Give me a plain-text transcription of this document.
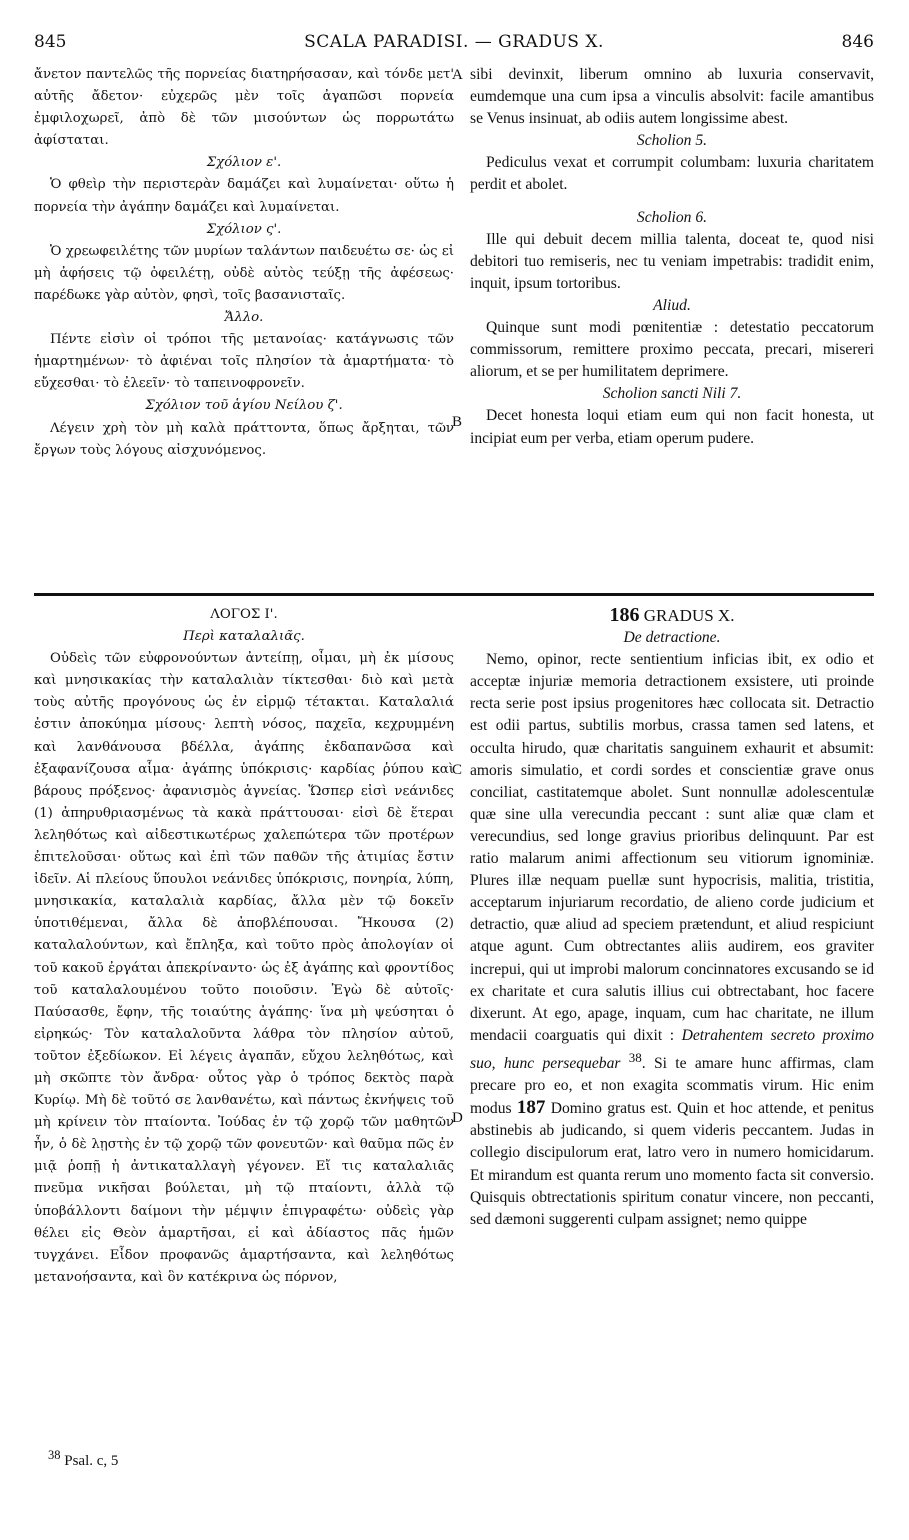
845	SCALA PARADISI. — GRADUS X.	846

ἄνετον παντελῶς τῆς πορνείας διατηρήσασαν, καὶ τόνδε μετ' αὐτῆς ἄδετον· εὐχερῶς μὲν τοῖς ἀγαπῶσι πορνεία ἐμφιλοχωρεῖ, ἀπὸ δὲ τῶν μισούντων ὡς πορρωτάτω ἀφίσταται.

Σχόλιον ε'.

Ὁ φθεὶρ τὴν περιστερὰν δαμάζει καὶ λυμαίνεται· οὕτω ἡ πορνεία τὴν ἀγάπην δαμάζει καὶ λυμαίνεται.

Σχόλιον ς'.

Ὁ χρεωφειλέτης τῶν μυρίων ταλάντων παιδευέτω σε· ὡς εἰ μὴ ἀφήσεις τῷ ὀφειλέτῃ, οὐδὲ αὐτὸς τεύξῃ τῆς ἀφέσεως· παρέδωκε γὰρ αὐτὸν, φησὶ, τοῖς βασανισταῖς.

Ἄλλο.

Πέντε εἰσὶν οἱ τρόποι τῆς μετανοίας· κατάγνωσις τῶν ἡμαρτημένων· τὸ ἀφιέναι τοῖς πλησίον τὰ ἁμαρτήματα· τὸ εὔχεσθαι· τὸ ἐλεεῖν· τὸ ταπεινοφρονεῖν.

Σχόλιον τοῦ ἁγίου Νείλου ζ'.

Λέγειν χρὴ τὸν μὴ καλὰ πράττοντα, ὅπως ἄρξηται, τῶν ἔργων τοὺς λόγους αἰσχυνόμενος.

sibi devinxit, liberum omnino ab luxuria conservavit, eumdemque una cum ipsa a vinculis absolvit: facile amantibus se Venus insinuat, ab odiis autem longissime abest.

Scholion 5.

Pediculus vexat et corrumpit columbam: luxuria charitatem perdit et abolet.

Scholion 6.

Ille qui debuit decem millia talenta, doceat te, quod nisi debitori tuo remiseris, nec tu veniam impetrabis: tradidit enim, inquit, ipsum tortoribus.

Aliud.

Quinque sunt modi pœnitentiæ : detestatio peccatorum commissorum, remittere proximo peccata, precari, misereri aliorum, et se per humilitatem deprimere.

Scholion sancti Nili 7.

Decet honesta loqui etiam eum qui non facit honesta, ut incipiat eum per verba, etiam operum pudere.

A
B
C
D
ΛΟΓΟΣ Ι'.
Περὶ καταλαλιᾶς.

Οὐδεὶς τῶν εὐφρονούντων ἀντείπῃ, οἶμαι, μὴ ἐκ μίσους καὶ μνησικακίας τὴν καταλαλιὰν τίκτεσθαι· διὸ καὶ μετὰ τοὺς αὐτῆς προγόνους ὡς ἐν εἱρμῷ τέτακται. Καταλαλιά ἐστιν ἀποκύημα μίσους· λεπτὴ νόσος, παχεῖα, κεχρυμμένη καὶ λανθάνουσα βδέλλα, ἀγάπης ἐκδαπανῶσα καὶ ἐξαφανίζουσα αἷμα· ἀγάπης ὑπόκρισις· καρδίας ῥύπου καὶ βάρους πρόξενος· ἀφανισμὸς ἁγνείας. Ὥσπερ εἰσὶ νεάνιδες (1) ἀπηρυθριασμένως τὰ κακὰ πράττουσαι· εἰσὶ δὲ ἕτεραι λεληθότως καὶ αἰδεστικωτέρως χαλεπώτερα τῶν προτέρων ἐπιτελοῦσαι· οὕτως καὶ ἐπὶ τῶν παθῶν τῆς ἀτιμίας ἔστιν ἰδεῖν. Αἱ πλείους ὕπουλοι νεάνιδες ὑπόκρισις, πονηρία, λύπη, μνησικακία, καταλαλιὰ καρδίας, ἄλλα μὲν τῷ δοκεῖν ὑποτιθέμεναι, ἄλλα δὲ ἀποβλέπουσαι. Ἤκουσα (2) καταλαλούντων, καὶ ἔπληξα, καὶ τοῦτο πρὸς ἀπολογίαν οἱ τοῦ κακοῦ ἐργάται ἀπεκρίναντο· ὡς ἐξ ἀγάπης καὶ φροντίδος τοῦ καταλαλουμένου τοῦτο ποιοῦσιν. Ἐγὼ δὲ αὐτοῖς· Παύσασθε, ἔφην, τῆς τοιαύτης ἀγάπης· ἵνα μὴ ψεύσηται ὁ εἰρηκώς· Τὸν καταλαλοῦντα λάθρα τὸν πλησίον αὐτοῦ, τοῦτον ἐξεδίωκον. Εἰ λέγεις ἀγαπᾶν, εὔχου λεληθότως, καὶ μὴ σκῶπτε τὸν ἄνδρα· οὗτος γὰρ ὁ τρόπος δεκτὸς παρὰ Κυρίῳ. Μὴ δὲ τοῦτό σε λανθανέτω, καὶ πάντως ἐκνήψεις τοῦ μὴ κρίνειν τὸν πταίοντα. Ἰούδας ἐν τῷ χορῷ τῶν μαθητῶν ἦν, ὁ δὲ λῃστὴς ἐν τῷ χορῷ τῶν φονευτῶν· καὶ θαῦμα πῶς ἐν μιᾷ ῥοπῇ ἡ ἀντικαταλλαγὴ γέγονεν. Εἴ τις καταλαλιᾶς πνεῦμα νικῆσαι βούλεται, μὴ τῷ πταίοντι, ἀλλὰ τῷ ὑποβάλλοντι δαίμονι τὴν μέμψιν ἐπιγραφέτω· οὐδεὶς γὰρ θέλει εἰς Θεὸν ἁμαρτῆσαι, εἰ καὶ ἀδίαστος πᾶς ἡμῶν τυγχάνει. Εἶδον προφανῶς ἁμαρτήσαντα, καὶ λεληθότως μετανοήσαντα, καὶ ὃν κατέκρινα ὡς πόρνον,

186 GRADUS X.
De detractione.

Nemo, opinor, recte sentientium inficias ibit, ex odio et acceptæ injuriæ memoria detractionem exsistere, uti proinde recta serie post ipsius progenitores hæc collocata sit. Detractio est odii partus, subtilis morbus, crassa tamen sed latens, et occulta hirudo, quæ charitatis sanguinem exhaurit et absumit: amoris simulatio, et cordi sordes et conscientiæ grave onus conciliat, castitatemque abolet. Sunt nonnullæ adolescentulæ quæ sine ulla verecundia peccant : sunt aliæ quæ clam et verecundius, sed longe gravius prioribus delinquunt. Par est ratio malarum animi affectionum seu vitiorum ignominiæ. Plures illæ nequam puellæ sunt hypocrisis, malitia, tristitia, acceptarum injuriarum recordatio, de alieno corde judicium et detractio, quæ aliud ad speciem prætendunt, et aliud respiciunt atque agunt. Cum obtrectantes aliis audirem, eos graviter increpui, qui ut improbi malorum concinnatores excusando se id ex charitate et cura salutis illius cui obtrectabant, hoc facere dixerunt. At ego, apage, inquam, cum hac charitate, ne illum mendacii coarguatis qui dixit : Detrahentem secreto proximo suo, hunc persequebar $^{38}$. Si te amare hunc affirmas, clam precare pro eo, et non exagita scommatis virum. Hic enim modus 187 Domino gratus est. Quin et hoc attende, et penitus abstinebis ab judicando, si quem videris peccantem. Judas in collegio discipulorum erat, latro vero in numero homicidarum. Et mirandum est quanta rerum uno momento facta sit conversio. Quisquis obtrectationis spiritum conatur vincere, non peccanti, sed dæmoni suggerenti culpam assignet; nemo quippe

$^{38}$ Psal. c, 5
